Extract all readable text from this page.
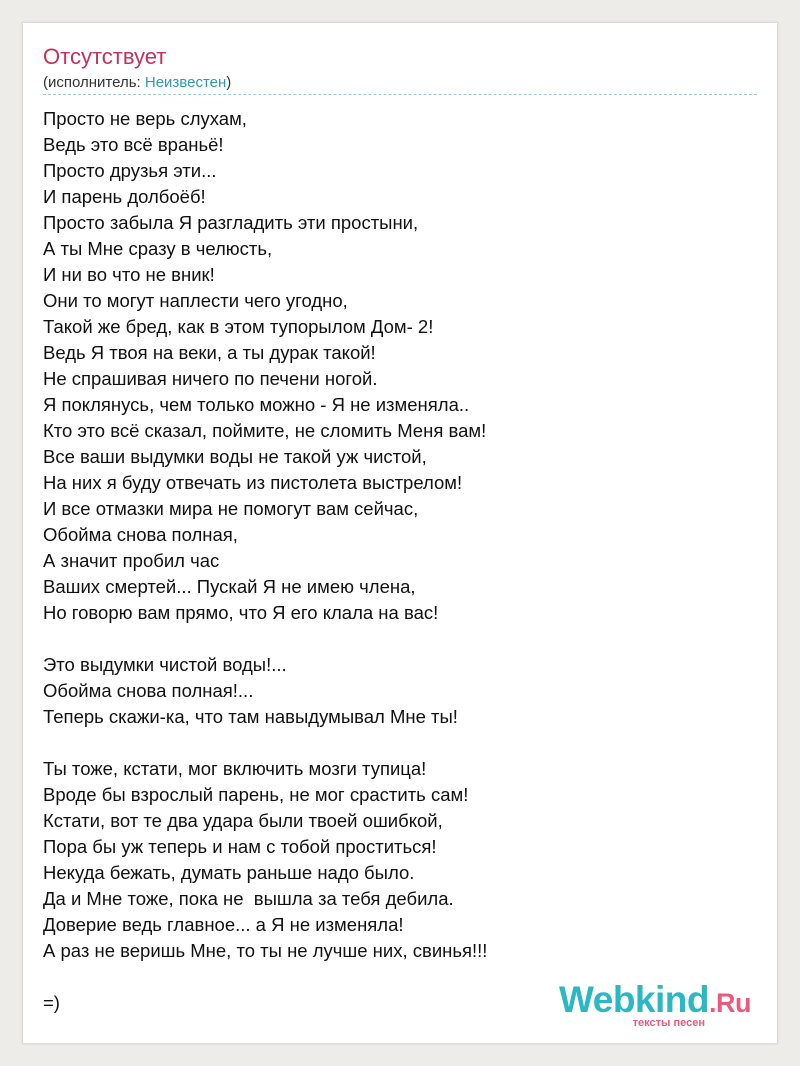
Отсутствует
(исполнитель: Неизвестен)
Просто не верь слухам,
Ведь это всё враньё!
Просто друзья эти...
И парень долбоёб!
Просто забыла Я разгладить эти простыни,
А ты Мне сразу в челюсть,
И ни во что не вник!
Они то могут наплести чего угодно,
Такой же бред, как в этом тупорылом Дом- 2!
Ведь Я твоя на веки, а ты дурак такой!
Не спрашивая ничего по печени ногой.
Я поклянусь, чем только можно - Я не изменяла..
Кто это всё сказал, поймите, не сломить Меня вам!
Все ваши выдумки воды не такой уж чистой,
На них я буду отвечать из пистолета выстрелом!
И все отмазки мира не помогут вам сейчас,
Обойма снова полная,
А значит пробил час
Ваших смертей... Пускай Я не имею члена,
Но говорю вам прямо, что Я его клала на вас!
Это выдумки чистой воды!...
Обойма снова полная!...
Теперь скажи-ка, что там навыдумывал Мне ты!
Ты тоже, кстати, мог включить мозги тупица!
Вроде бы взрослый парень, не мог срастить сам!
Кстати, вот те два удара были твоей ошибкой,
Пора бы уж теперь и нам с тобой проститься!
Некуда бежать, думать раньше надо было.
Да и Мне тоже, пока не  вышла за тебя дебила.
Доверие ведь главное... а Я не изменяла!
А раз не веришь Мне, то ты не лучше них, свинья!!!
=)	Webkind.Ru
тексты песен
